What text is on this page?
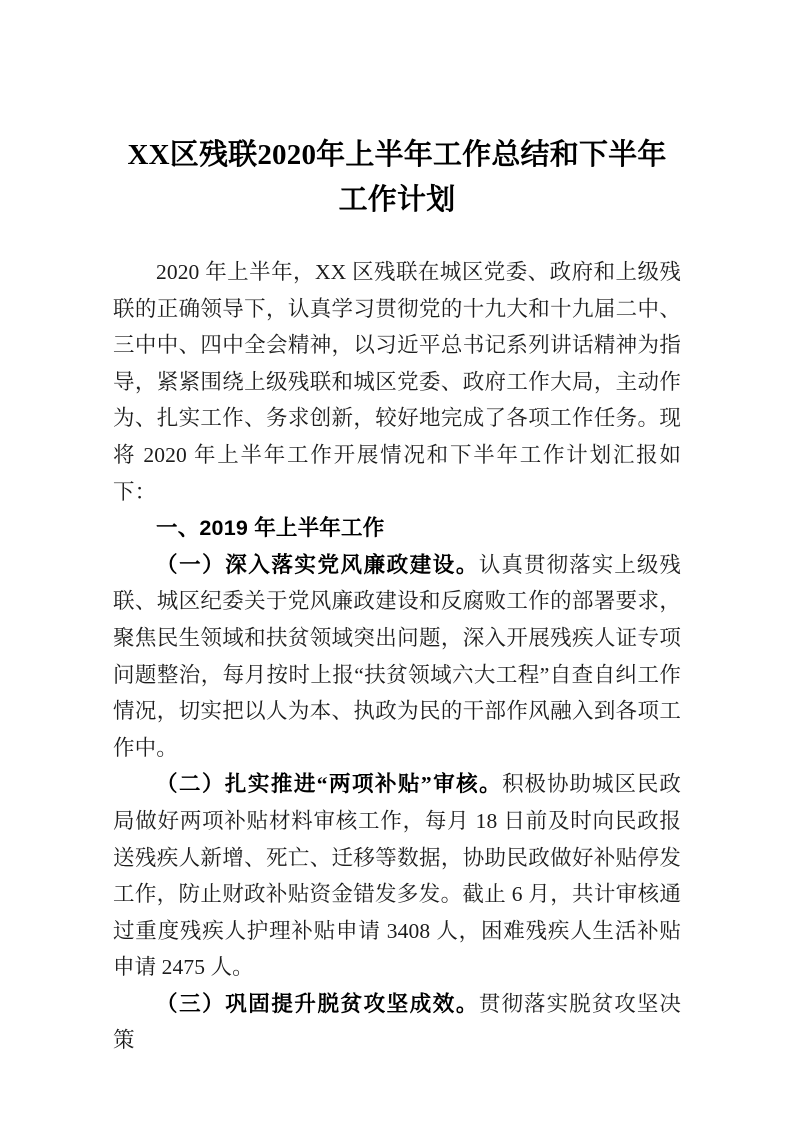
XX区残联2020年上半年工作总结和下半年
工作计划

2020 年上半年，XX 区残联在城区党委、政府和上级残联的正确领导下，认真学习贯彻党的十九大和十九届二中、三中中、四中全会精神，以习近平总书记系列讲话精神为指导，紧紧围绕上级残联和城区党委、政府工作大局，主动作为、扎实工作、务求创新，较好地完成了各项工作任务。现将 2020 年上半年工作开展情况和下半年工作计划汇报如下：

一、2019 年上半年工作

（一）深入落实党风廉政建设。认真贯彻落实上级残联、城区纪委关于党风廉政建设和反腐败工作的部署要求，聚焦民生领域和扶贫领域突出问题，深入开展残疾人证专项问题整治，每月按时上报“扶贫领域六大工程”自查自纠工作情况，切实把以人为本、执政为民的干部作风融入到各项工作中。

（二）扎实推进“两项补贴”审核。积极协助城区民政局做好两项补贴材料审核工作，每月 18 日前及时向民政报送残疾人新增、死亡、迁移等数据，协助民政做好补贴停发工作，防止财政补贴资金错发多发。截止 6 月，共计审核通过重度残疾人护理补贴申请 3408 人，困难残疾人生活补贴申请 2475 人。

（三）巩固提升脱贫攻坚成效。贯彻落实脱贫攻坚决策
